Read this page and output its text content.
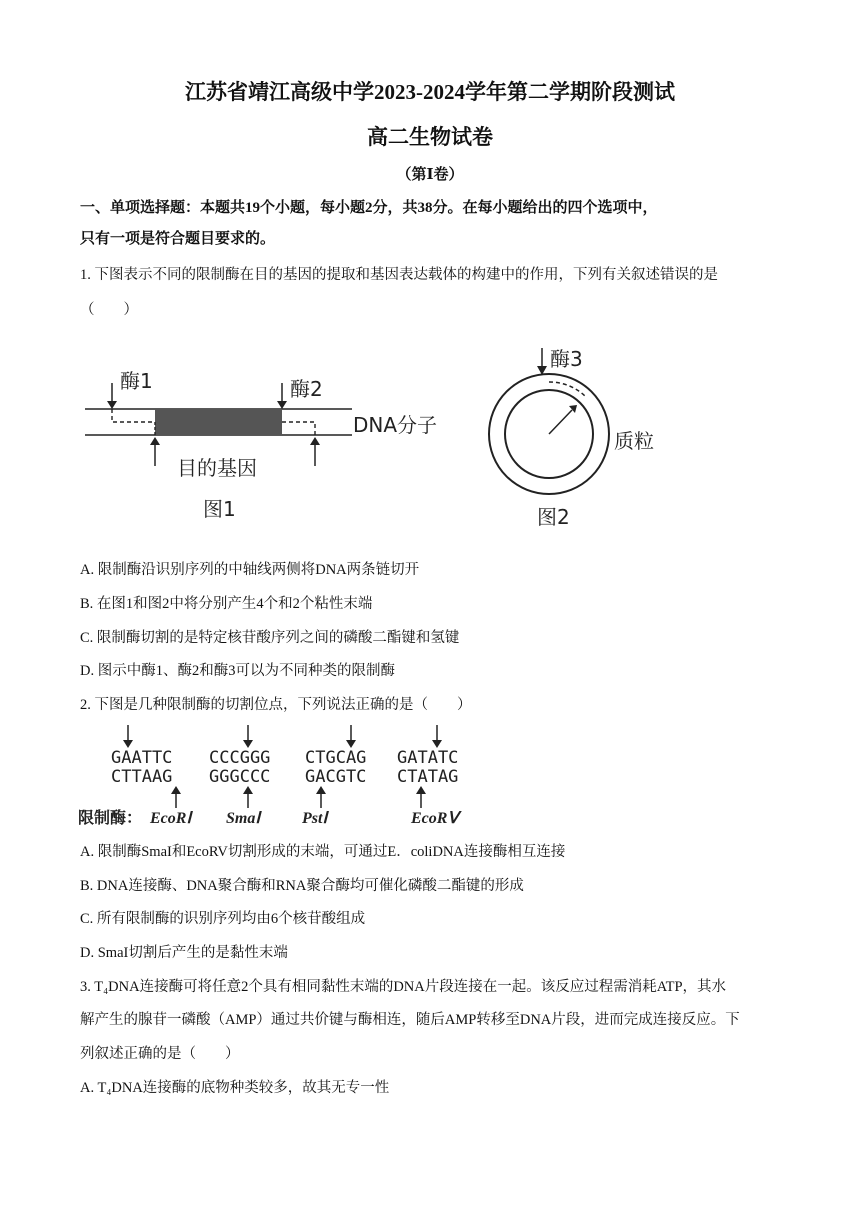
江苏省靖江高级中学2023-2024学年第二学期阶段测试
高二生物试卷
（第Ⅰ卷）
一、单项选择题：本题共19个小题，每小题2分，共38分。在每小题给出的四个选项中，
只有一项是符合题目要求的。
1. 下图表示不同的限制酶在目的基因的提取和基因表达载体的构建中的作用，下列有关叙述错误的是
（　　）
酶1	酶2
DNA分子
目的基因
图1
酶3
质粒
图2
A. 限制酶沿识别序列的中轴线两侧将DNA两条链切开
B. 在图1和图2中将分别产生4个和2个粘性末端
C. 限制酶切割的是特定核苷酸序列之间的磷酸二酯键和氢键
D. 图示中酶1、酶2和酶3可以为不同种类的限制酶
2. 下图是几种限制酶的切割位点，下列说法正确的是（　　）
GAATTC CCCGGG CTGCAG GATATC
CTTAAG GGGCCC GACGTC CTATAG
限制酶： EcoRⅠ SmaⅠ	PstⅠ	EcoRⅤ
A. 限制酶SmaI和EcoRV切割形成的末端，可通过E．coliDNA连接酶相互连接
B. DNA连接酶、DNA聚合酶和RNA聚合酶均可催化磷酸二酯键的形成
C. 所有限制酶的识别序列均由6个核苷酸组成
D. SmaI切割后产生的是黏性末端
3. T₄DNA连接酶可将任意2个具有相同黏性末端的DNA片段连接在一起。该反应过程需消耗ATP，其水
解产生的腺苷一磷酸（AMP）通过共价键与酶相连，随后AMP转移至DNA片段，进而完成连接反应。下
列叙述正确的是（　　）
A. T₄DNA连接酶的底物种类较多，故其无专一性
